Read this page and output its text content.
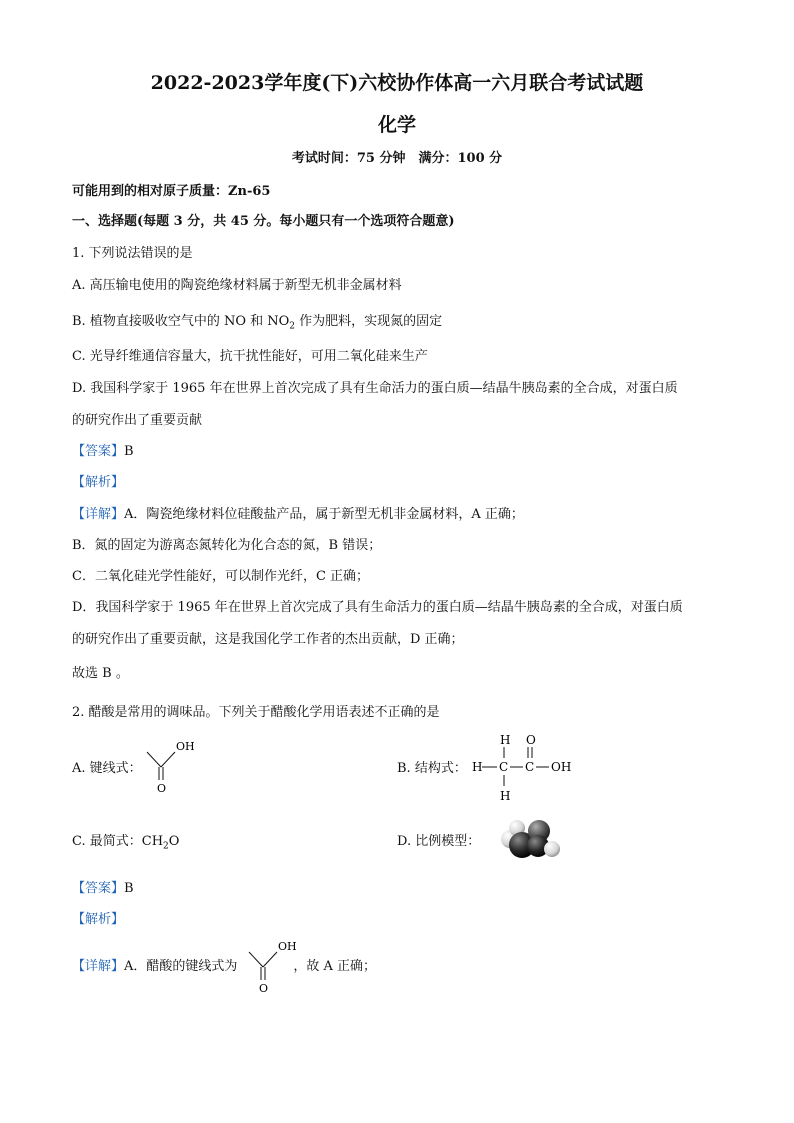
2022-2023学年度(下)六校协作体高一六月联合考试试题
化学
考试时间：75 分钟　满分：100 分
可能用到的相对原子质量：Zn-65
一、选择题(每题 3 分，共 45 分。每小题只有一个选项符合题意)
1. 下列说法错误的是
A. 高压输电使用的陶瓷绝缘材料属于新型无机非金属材料
B. 植物直接吸收空气中的 NO 和 $NO_2$ 作为肥料，实现氮的固定
C. 光导纤维通信容量大，抗干扰性能好，可用二氧化硅来生产
D. 我国科学家于 1965 年在世界上首次完成了具有生命活力的蛋白质—结晶牛胰岛素的全合成，对蛋白质
的研究作出了重要贡献
【答案】B
【解析】
【详解】A．陶瓷绝缘材料位硅酸盐产品，属于新型无机非金属材料，A 正确；
B．氮的固定为游离态氮转化为化合态的氮，B 错误；
C．二氧化硅光学性能好，可以制作光纤，C 正确；
D．我国科学家于 1965 年在世界上首次完成了具有生命活力的蛋白质—结晶牛胰岛素的全合成，对蛋白质
的研究作出了重要贡献，这是我国化学工作者的杰出贡献，D 正确；
故选 B 。
2. 醋酸是常用的调味品。下列关于醋酸化学用语表述不正确的是
A. 键线式：
OH
O
B. 结构式：
H O
H C C OH
H
C. 最简式：$CH_2O$	D. 比例模型：
【答案】B
【解析】
【详解】A．醋酸的键线式为	，故 A 正确；
OH
O
